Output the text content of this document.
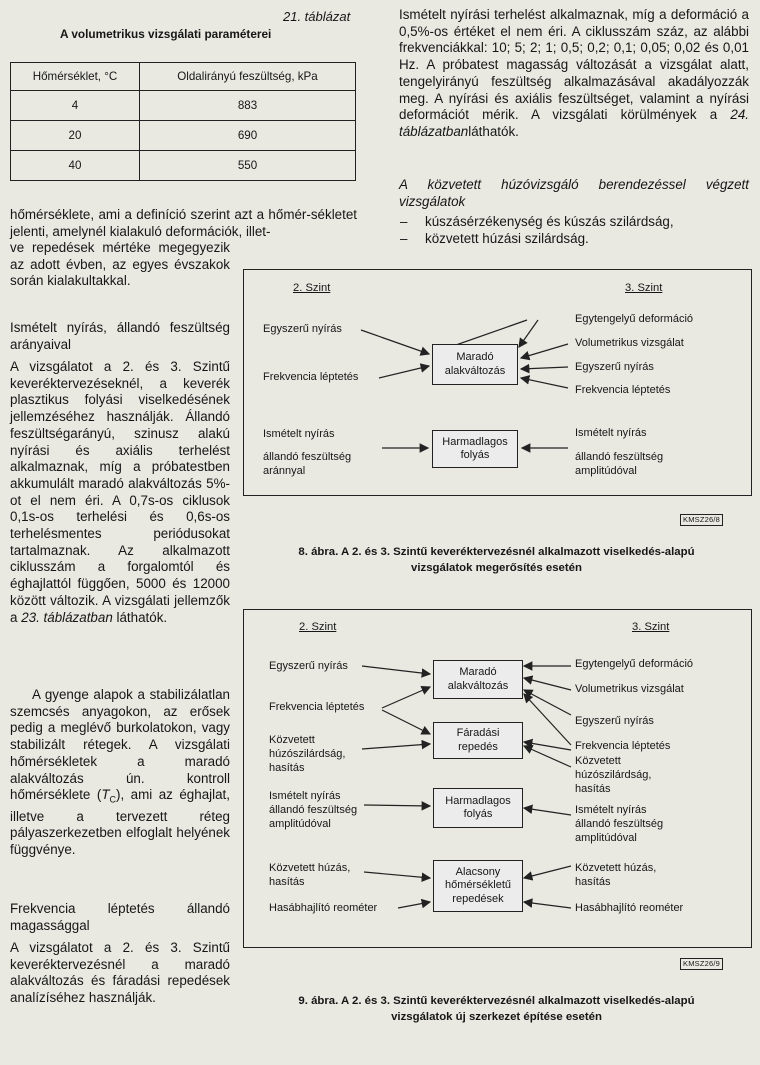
21. táblázat
A volumetrikus vizsgálati paraméterei
Hőmérséklet, °C	Oldalirányú feszültség, kPa
4	883
20	690
40	550
hőmérséklete, ami a definíció szerint azt a hőmér-sékletet jelenti, amelynél kialakuló deformációk, illet-
ve repedések mértéke megegyezik az adott évben, az egyes évszakok során kialakultakkal.
Ismételt nyírás, állandó feszültség arányaival
A vizsgálatot a 2. és 3. Szintű keveréktervezéseknél, a keverék plasztikus folyási viselkedésének jellemzéséhez használják. Állandó feszültségarányú, szinusz alakú nyírási és axiális terhelést alkalmaznak, míg a próbatestben akkumulált maradó alakváltozás 5%-ot el nem éri. A 0,7s-os ciklusok 0,1s-os terhelési és 0,6s-os terhelésmentes periódusokat tartalmaznak. Az alkalmazott ciklusszám a forgalomtól és éghajlattól függően, 5000 és 12000 között változik. A vizsgálati jellemzők a 23. táblázatban láthatók.
A gyenge alapok a stabilizálatlan szemcsés anyagokon, az erősek pedig a meglévő burkolatokon, vagy stabilizált rétegek. A vizsgálati hőmérsékletek a maradó alakváltozás ún. kontroll hőmérséklete $(T_C)$, ami az éghajlat, illetve a tervezett réteg pályaszerkezetben elfoglalt helyének függvénye.
Frekvencia léptetés állandó magassággal
A vizsgálatot a 2. és 3. Szintű keveréktervezésnél a maradó alakváltozás és fáradási repedések analízíséhez használják.
Ismételt nyírási terhelést alkalmaznak, míg a deformáció a 0,5%-os értéket el nem éri. A ciklusszám száz, az alábbi frekvenciákkal: 10; 5; 2; 1; 0,5; 0,2; 0,1; 0,05; 0,02 és 0,01 Hz. A próbatest magasság változását a vizsgálat alatt, tengelyirányú feszültség alkalmazásával akadályozzák meg. A nyírási és axiális feszültséget, valamint a nyírási deformációt mérik. A vizsgálati körülmények a 24. táblázatbanláthatók.
A közvetett húzóvizsgáló berendezéssel végzett vizsgálatok
– kúszásérzékenység és kúszás szilárdság,
– közvetett húzási szilárdság.
2. Szint	3. Szint
Egyszerű nyírás
Frekvencia léptetés
Ismételt nyírás
állandó feszültség
aránnyal
Egytengelyű deformáció
Volumetrikus vizsgálat
Egyszerű nyírás
Frekvencia léptetés
Ismételt nyírás
állandó feszültség
amplitúdóval
Maradó
alakváltozás
Harmadlagos
folyás
KMSZ26/8
8. ábra. A 2. és 3. Szintű keveréktervezésnél alkalmazott viselkedés-alapú
vizsgálatok megerősítés esetén
2. Szint	3. Szint
Egyszerű nyírás
Frekvencia léptetés
Közvetett
húzószilárdság,
hasítás
Ismételt nyírás
állandó feszültség
amplitúdóval
Közvetett húzás,
hasítás
Hasábhajlító reométer
Egytengelyű deformáció
Volumetrikus vizsgálat
Egyszerű nyírás
Frekvencia léptetés
Közvetett
húzószilárdság,
hasítás
Ismételt nyírás
állandó feszültség
amplitúdóval
Közvetett húzás,
hasítás
Hasábhajlító reométer
Maradó
alakváltozás
Fáradási
repedés
Harmadlagos
folyás
Alacsony
hőmérsékletű
repedések
KMSZ26/9
9. ábra. A 2. és 3. Szintű keveréktervezésnél alkalmazott viselkedés-alapú
vizsgálatok új szerkezet építése esetén
